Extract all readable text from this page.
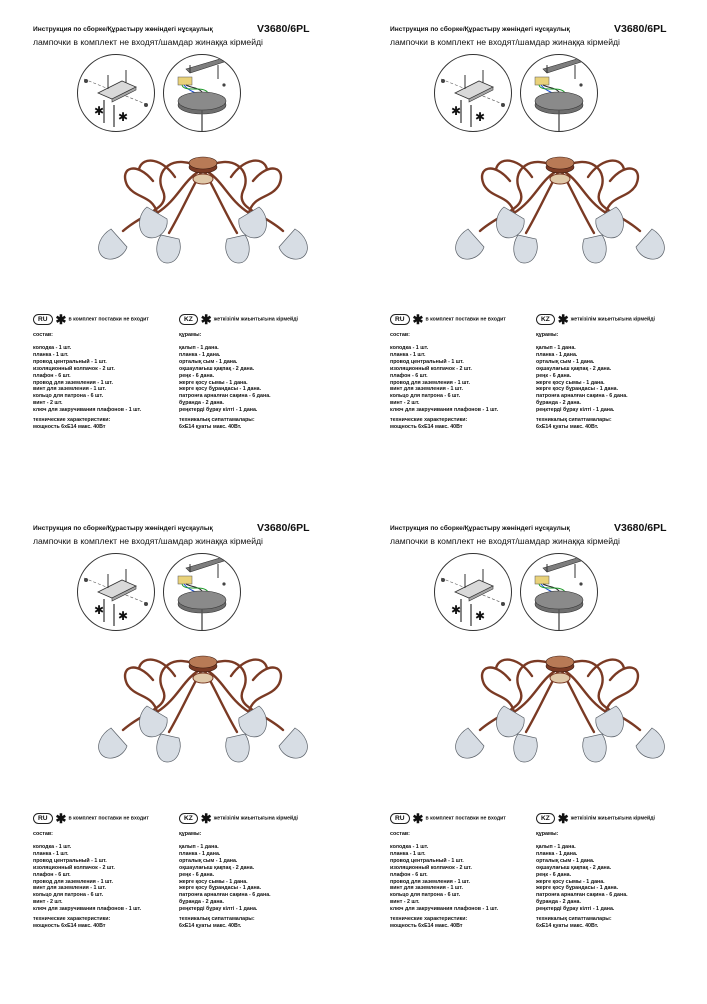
Инструкция по сборке/Құрастыру жөніндегі нұсқаулық	V3680/6PL
лампочки в комплект не входят/шамдар жинаққа кірмейді
✱ ✱
RU ✱ в комплект поставки не входит
состав:
колодка - 1 шт.
планка - 1 шт.
провод центральный - 1 шт.
изоляционный колпачок - 2 шт.
плафон - 6 шт.
провод для заземления - 1 шт.
винт для заземления - 1 шт.
кольцо для патрона - 6 шт.
винт - 2 шт.
ключ для закручивания плафонов - 1 шт.
технические характеристики:
мощность 6хЕ14 макс. 40Вт
KZ ✱ жеткізілім жиынтығына кірмейді
құрамы:
қалып - 1 дана.
планка - 1 дана.
орталық сым - 1 дана.
оқшаулағыш қақпақ - 2 дана.
реңк - 6 дана.
жерге қосу сымы - 1 дана.
жерге қосу бұрандасы - 1 дана.
патронға арналған сақина - 6 дана.
бұранда - 2 дана.
реңктерді бұрау кілті - 1 дана.
техникалық сипаттамалары:
6хЕ14 қуаты макс. 40Вт.
Инструкция по сборке/Құрастыру жөніндегі нұсқаулық	V3680/6PL
лампочки в комплект не входят/шамдар жинаққа кірмейді
✱ ✱
RU ✱ в комплект поставки не входит
состав:
колодка - 1 шт.
планка - 1 шт.
провод центральный - 1 шт.
изоляционный колпачок - 2 шт.
плафон - 6 шт.
провод для заземления - 1 шт.
винт для заземления - 1 шт.
кольцо для патрона - 6 шт.
винт - 2 шт.
ключ для закручивания плафонов - 1 шт.
технические характеристики:
мощность 6хЕ14 макс. 40Вт
KZ ✱ жеткізілім жиынтығына кірмейді
құрамы:
қалып - 1 дана.
планка - 1 дана.
орталық сым - 1 дана.
оқшаулағыш қақпақ - 2 дана.
реңк - 6 дана.
жерге қосу сымы - 1 дана.
жерге қосу бұрандасы - 1 дана.
патронға арналған сақина - 6 дана.
бұранда - 2 дана.
реңктерді бұрау кілті - 1 дана.
техникалық сипаттамалары:
6хЕ14 қуаты макс. 40Вт.
Инструкция по сборке/Құрастыру жөніндегі нұсқаулық	V3680/6PL
лампочки в комплект не входят/шамдар жинаққа кірмейді
✱ ✱
RU ✱ в комплект поставки не входит
состав:
колодка - 1 шт.
планка - 1 шт.
провод центральный - 1 шт.
изоляционный колпачок - 2 шт.
плафон - 6 шт.
провод для заземления - 1 шт.
винт для заземления - 1 шт.
кольцо для патрона - 6 шт.
винт - 2 шт.
ключ для закручивания плафонов - 1 шт.
технические характеристики:
мощность 6хЕ14 макс. 40Вт
KZ ✱ жеткізілім жиынтығына кірмейді
құрамы:
қалып - 1 дана.
планка - 1 дана.
орталық сым - 1 дана.
оқшаулағыш қақпақ - 2 дана.
реңк - 6 дана.
жерге қосу сымы - 1 дана.
жерге қосу бұрандасы - 1 дана.
патронға арналған сақина - 6 дана.
бұранда - 2 дана.
реңктерді бұрау кілті - 1 дана.
техникалық сипаттамалары:
6хЕ14 қуаты макс. 40Вт.
Инструкция по сборке/Құрастыру жөніндегі нұсқаулық	V3680/6PL
лампочки в комплект не входят/шамдар жинаққа кірмейді
✱ ✱
RU ✱ в комплект поставки не входит
состав:
колодка - 1 шт.
планка - 1 шт.
провод центральный - 1 шт.
изоляционный колпачок - 2 шт.
плафон - 6 шт.
провод для заземления - 1 шт.
винт для заземления - 1 шт.
кольцо для патрона - 6 шт.
винт - 2 шт.
ключ для закручивания плафонов - 1 шт.
технические характеристики:
мощность 6хЕ14 макс. 40Вт
KZ ✱ жеткізілім жиынтығына кірмейді
құрамы:
қалып - 1 дана.
планка - 1 дана.
орталық сым - 1 дана.
оқшаулағыш қақпақ - 2 дана.
реңк - 6 дана.
жерге қосу сымы - 1 дана.
жерге қосу бұрандасы - 1 дана.
патронға арналған сақина - 6 дана.
бұранда - 2 дана.
реңктерді бұрау кілті - 1 дана.
техникалық сипаттамалары:
6хЕ14 қуаты макс. 40Вт.
